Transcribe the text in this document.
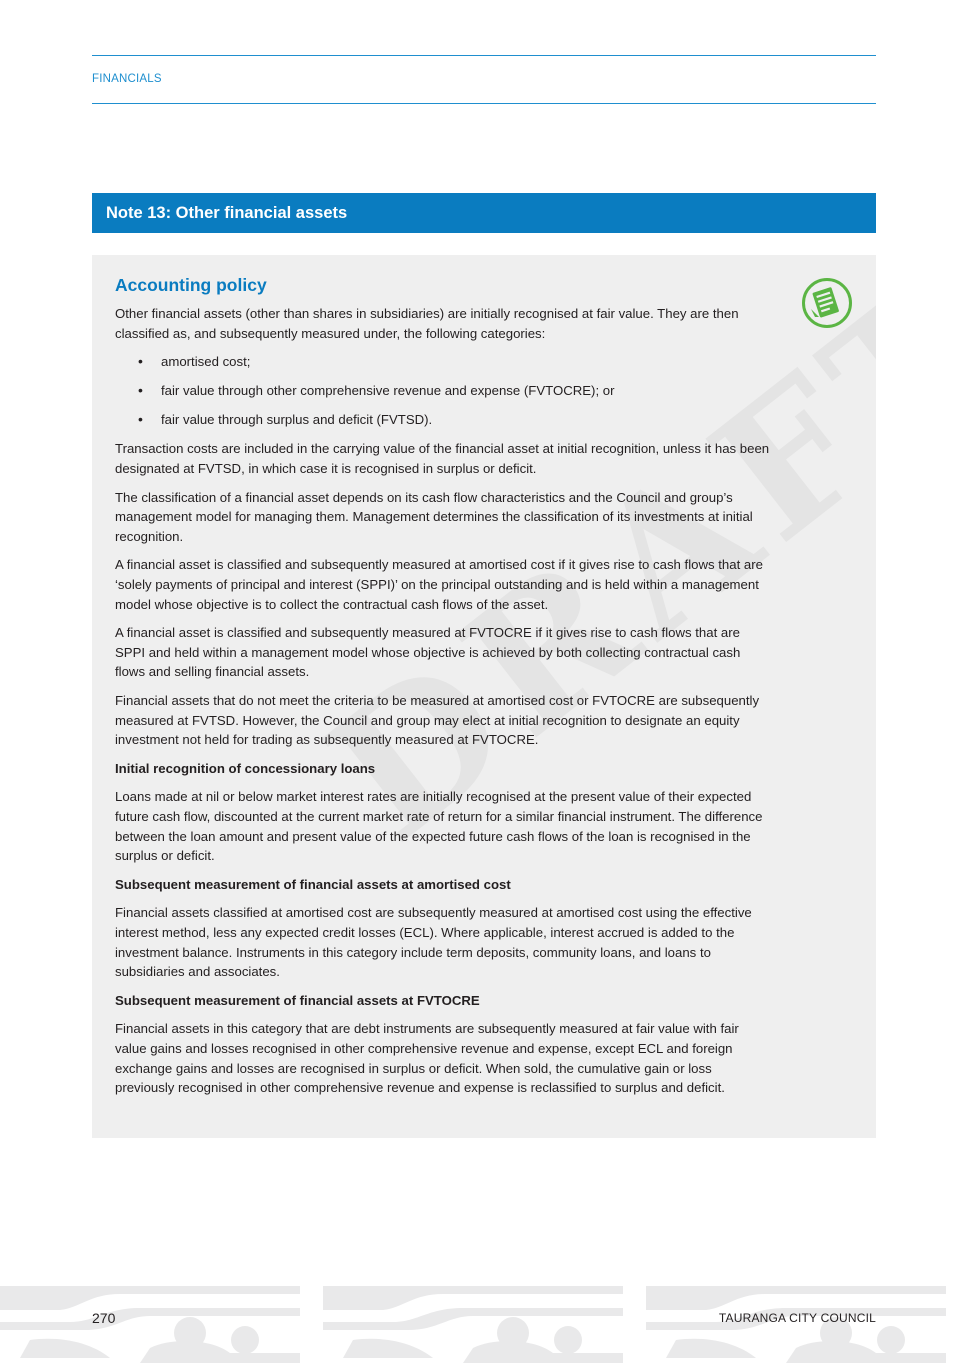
FINANCIALS
Note 13: Other financial assets
Accounting policy

Other financial assets (other than shares in subsidiaries) are initially recognised at fair value. They are then classified as, and subsequently measured under, the following categories:

• amortised cost;
• fair value through other comprehensive revenue and expense (FVTOCRE); or
• fair value through surplus and deficit (FVTSD).

Transaction costs are included in the carrying value of the financial asset at initial recognition, unless it has been designated at FVTSD, in which case it is recognised in surplus or deficit.

The classification of a financial asset depends on its cash flow characteristics and the Council and group’s management model for managing them. Management determines the classification of its investments at initial recognition.

A financial asset is classified and subsequently measured at amortised cost if it gives rise to cash flows that are ‘solely payments of principal and interest (SPPI)’ on the principal outstanding and is held within a management model whose objective is to collect the contractual cash flows of the asset.

A financial asset is classified and subsequently measured at FVTOCRE if it gives rise to cash flows that are SPPI and held within a management model whose objective is achieved by both collecting contractual cash flows and selling financial assets.

Financial assets that do not meet the criteria to be measured at amortised cost or FVTOCRE are subsequently measured at FVTSD. However, the Council and group may elect at initial recognition to designate an equity investment not held for trading as subsequently measured at FVTOCRE.

Initial recognition of concessionary loans

Loans made at nil or below market interest rates are initially recognised at the present value of their expected future cash flow, discounted at the current market rate of return for a similar financial instrument. The difference between the loan amount and present value of the expected future cash flows of the loan is recognised in the surplus or deficit.

Subsequent measurement of financial assets at amortised cost

Financial assets classified at amortised cost are subsequently measured at amortised cost using the effective interest method, less any expected credit losses (ECL). Where applicable, interest accrued is added to the investment balance. Instruments in this category include term deposits, community loans, and loans to subsidiaries and associates.

Subsequent measurement of financial assets at FVTOCRE

Financial assets in this category that are debt instruments are subsequently measured at fair value with fair value gains and losses recognised in other comprehensive revenue and expense, except ECL and foreign exchange gains and losses are recognised in surplus or deficit. When sold, the cumulative gain or loss previously recognised in other comprehensive revenue and expense is reclassified to surplus and deficit.

270	TAURANGA CITY COUNCIL
